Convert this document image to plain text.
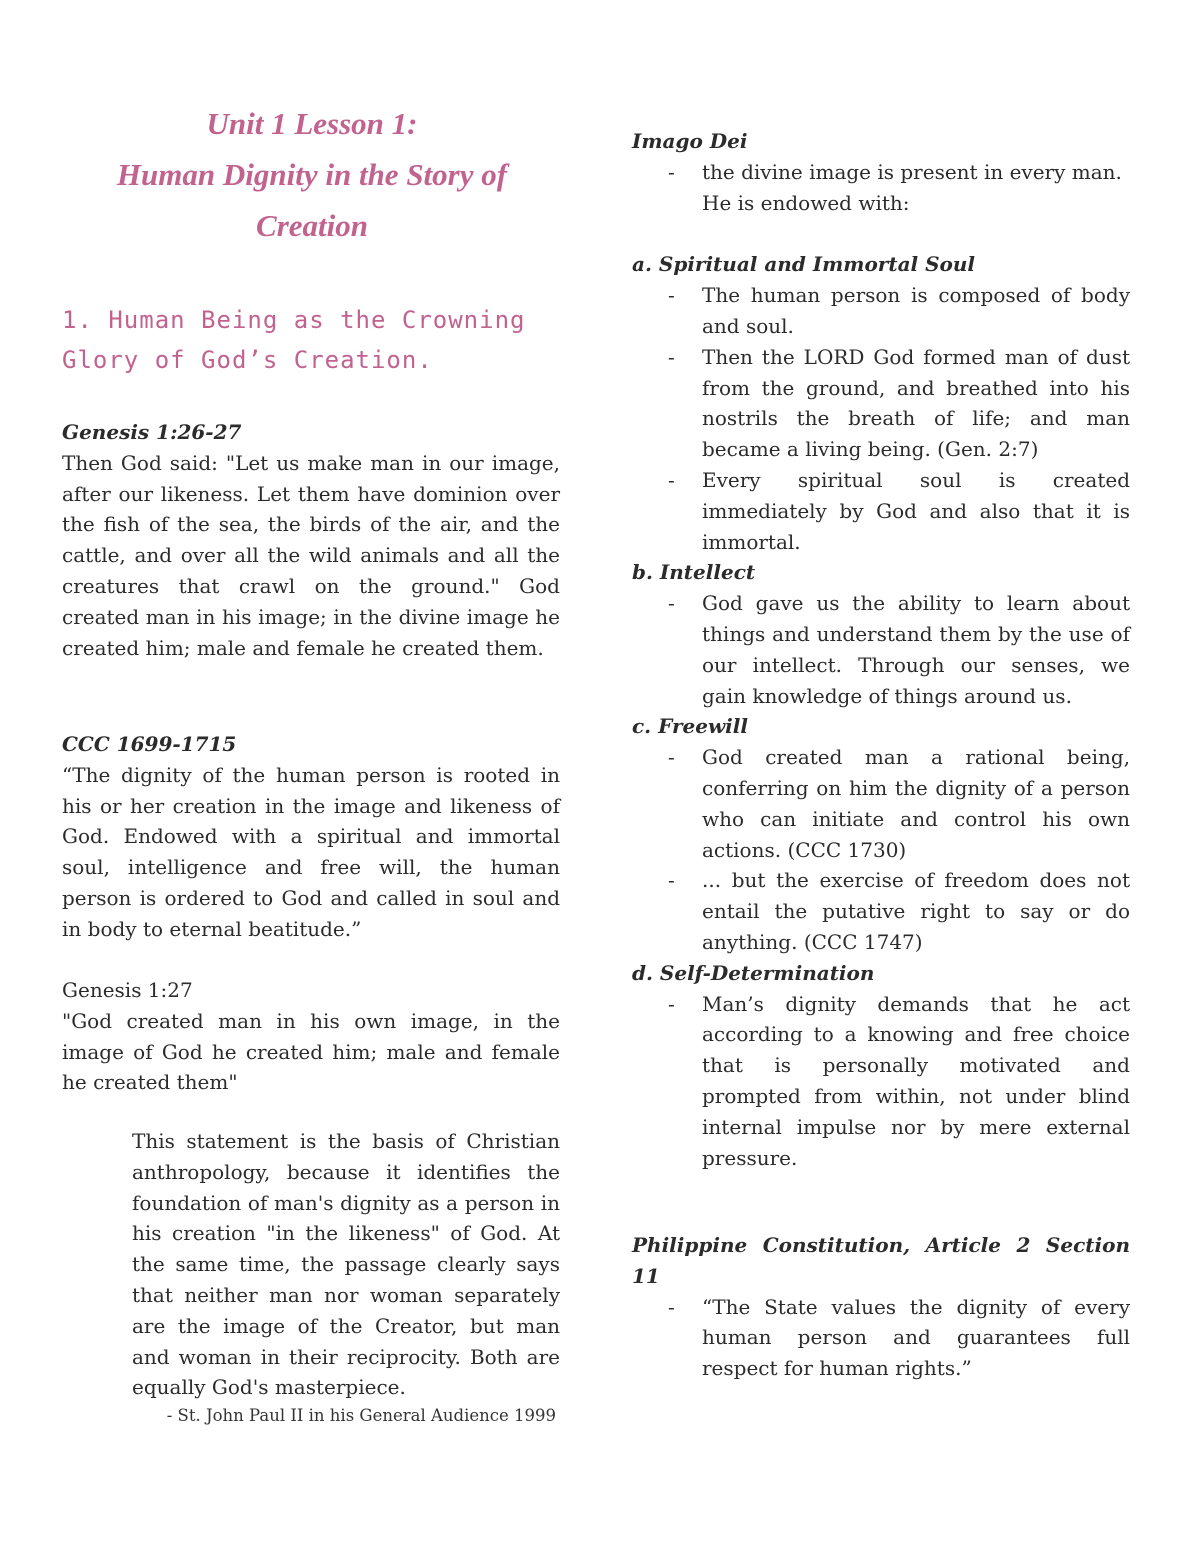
Unit 1 Lesson 1:
Human Dignity in the Story of
Creation
1. Human Being as the Crowning
Glory of God’s Creation.
Genesis 1:26-27
Then God said: "Let us make man in our image, after our likeness. Let them have dominion over the fish of the sea, the birds of the air, and the cattle, and over all the wild animals and all the creatures that crawl on the ground." God created man in his image; in the divine image he created him; male and female he created them.
CCC 1699-1715
“The dignity of the human person is rooted in his or her creation in the image and likeness of God. Endowed with a spiritual and immortal soul, intelligence and free will, the human person is ordered to God and called in soul and in body to eternal beatitude.”
Genesis 1:27
"God created man in his own image, in the image of God he created him; male and female he created them"
This statement is the basis of Christian anthropology, because it identifies the foundation of man's dignity as a person in his creation "in the likeness" of God. At the same time, the passage clearly says that neither man nor woman separately are the image of the Creator, but man and woman in their reciprocity. Both are equally God's masterpiece.
- St. John Paul II in his General Audience 1999
Imago Dei
- the divine image is present in every man. He is endowed with:
a. Spiritual and Immortal Soul
- The human person is composed of body and soul.
- Then the LORD God formed man of dust from the ground, and breathed into his nostrils the breath of life; and man became a living being. (Gen. 2:7)
- Every spiritual soul is created immediately by God and also that it is immortal.
b. Intellect
- God gave us the ability to learn about things and understand them by the use of our intellect. Through our senses, we gain knowledge of things around us.
c. Freewill
- God created man a rational being, conferring on him the dignity of a person who can initiate and control his own actions. (CCC 1730)
- ... but the exercise of freedom does not entail the putative right to say or do anything. (CCC 1747)
d. Self-Determination
- Man’s dignity demands that he act according to a knowing and free choice that is personally motivated and prompted from within, not under blind internal impulse nor by mere external pressure.
Philippine Constitution, Article 2 Section 11
- “The State values the dignity of every human person and guarantees full respect for human rights.”
